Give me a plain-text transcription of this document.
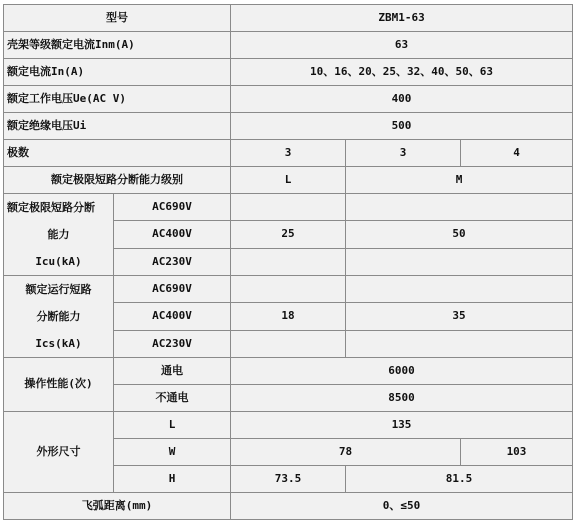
型号		ZBM1-63		
壳架等级额定电流Inm(A)		63		
额定电流In(A)		10、16、20、25、32、40、50、63		
额定工作电压Ue(AC V)		400		
额定绝缘电压Ui		500		
极数		3	3	4
额定极限短路分断能力级别		L	M	

额定极限短路分断
能力
Icu(kA)	AC690V			
	AC400V	25	50	
	AC230V			

额定运行短路
分断能力
Ics(kA)	AC690V			
	AC400V	18	35	
	AC230V			
操作性能(次)	通电	6000		
	不通电	8500		
外形尺寸	L	135		
	W	78		103
	H	73.5	81.5	
飞弧距离(mm)		0、≤50		
